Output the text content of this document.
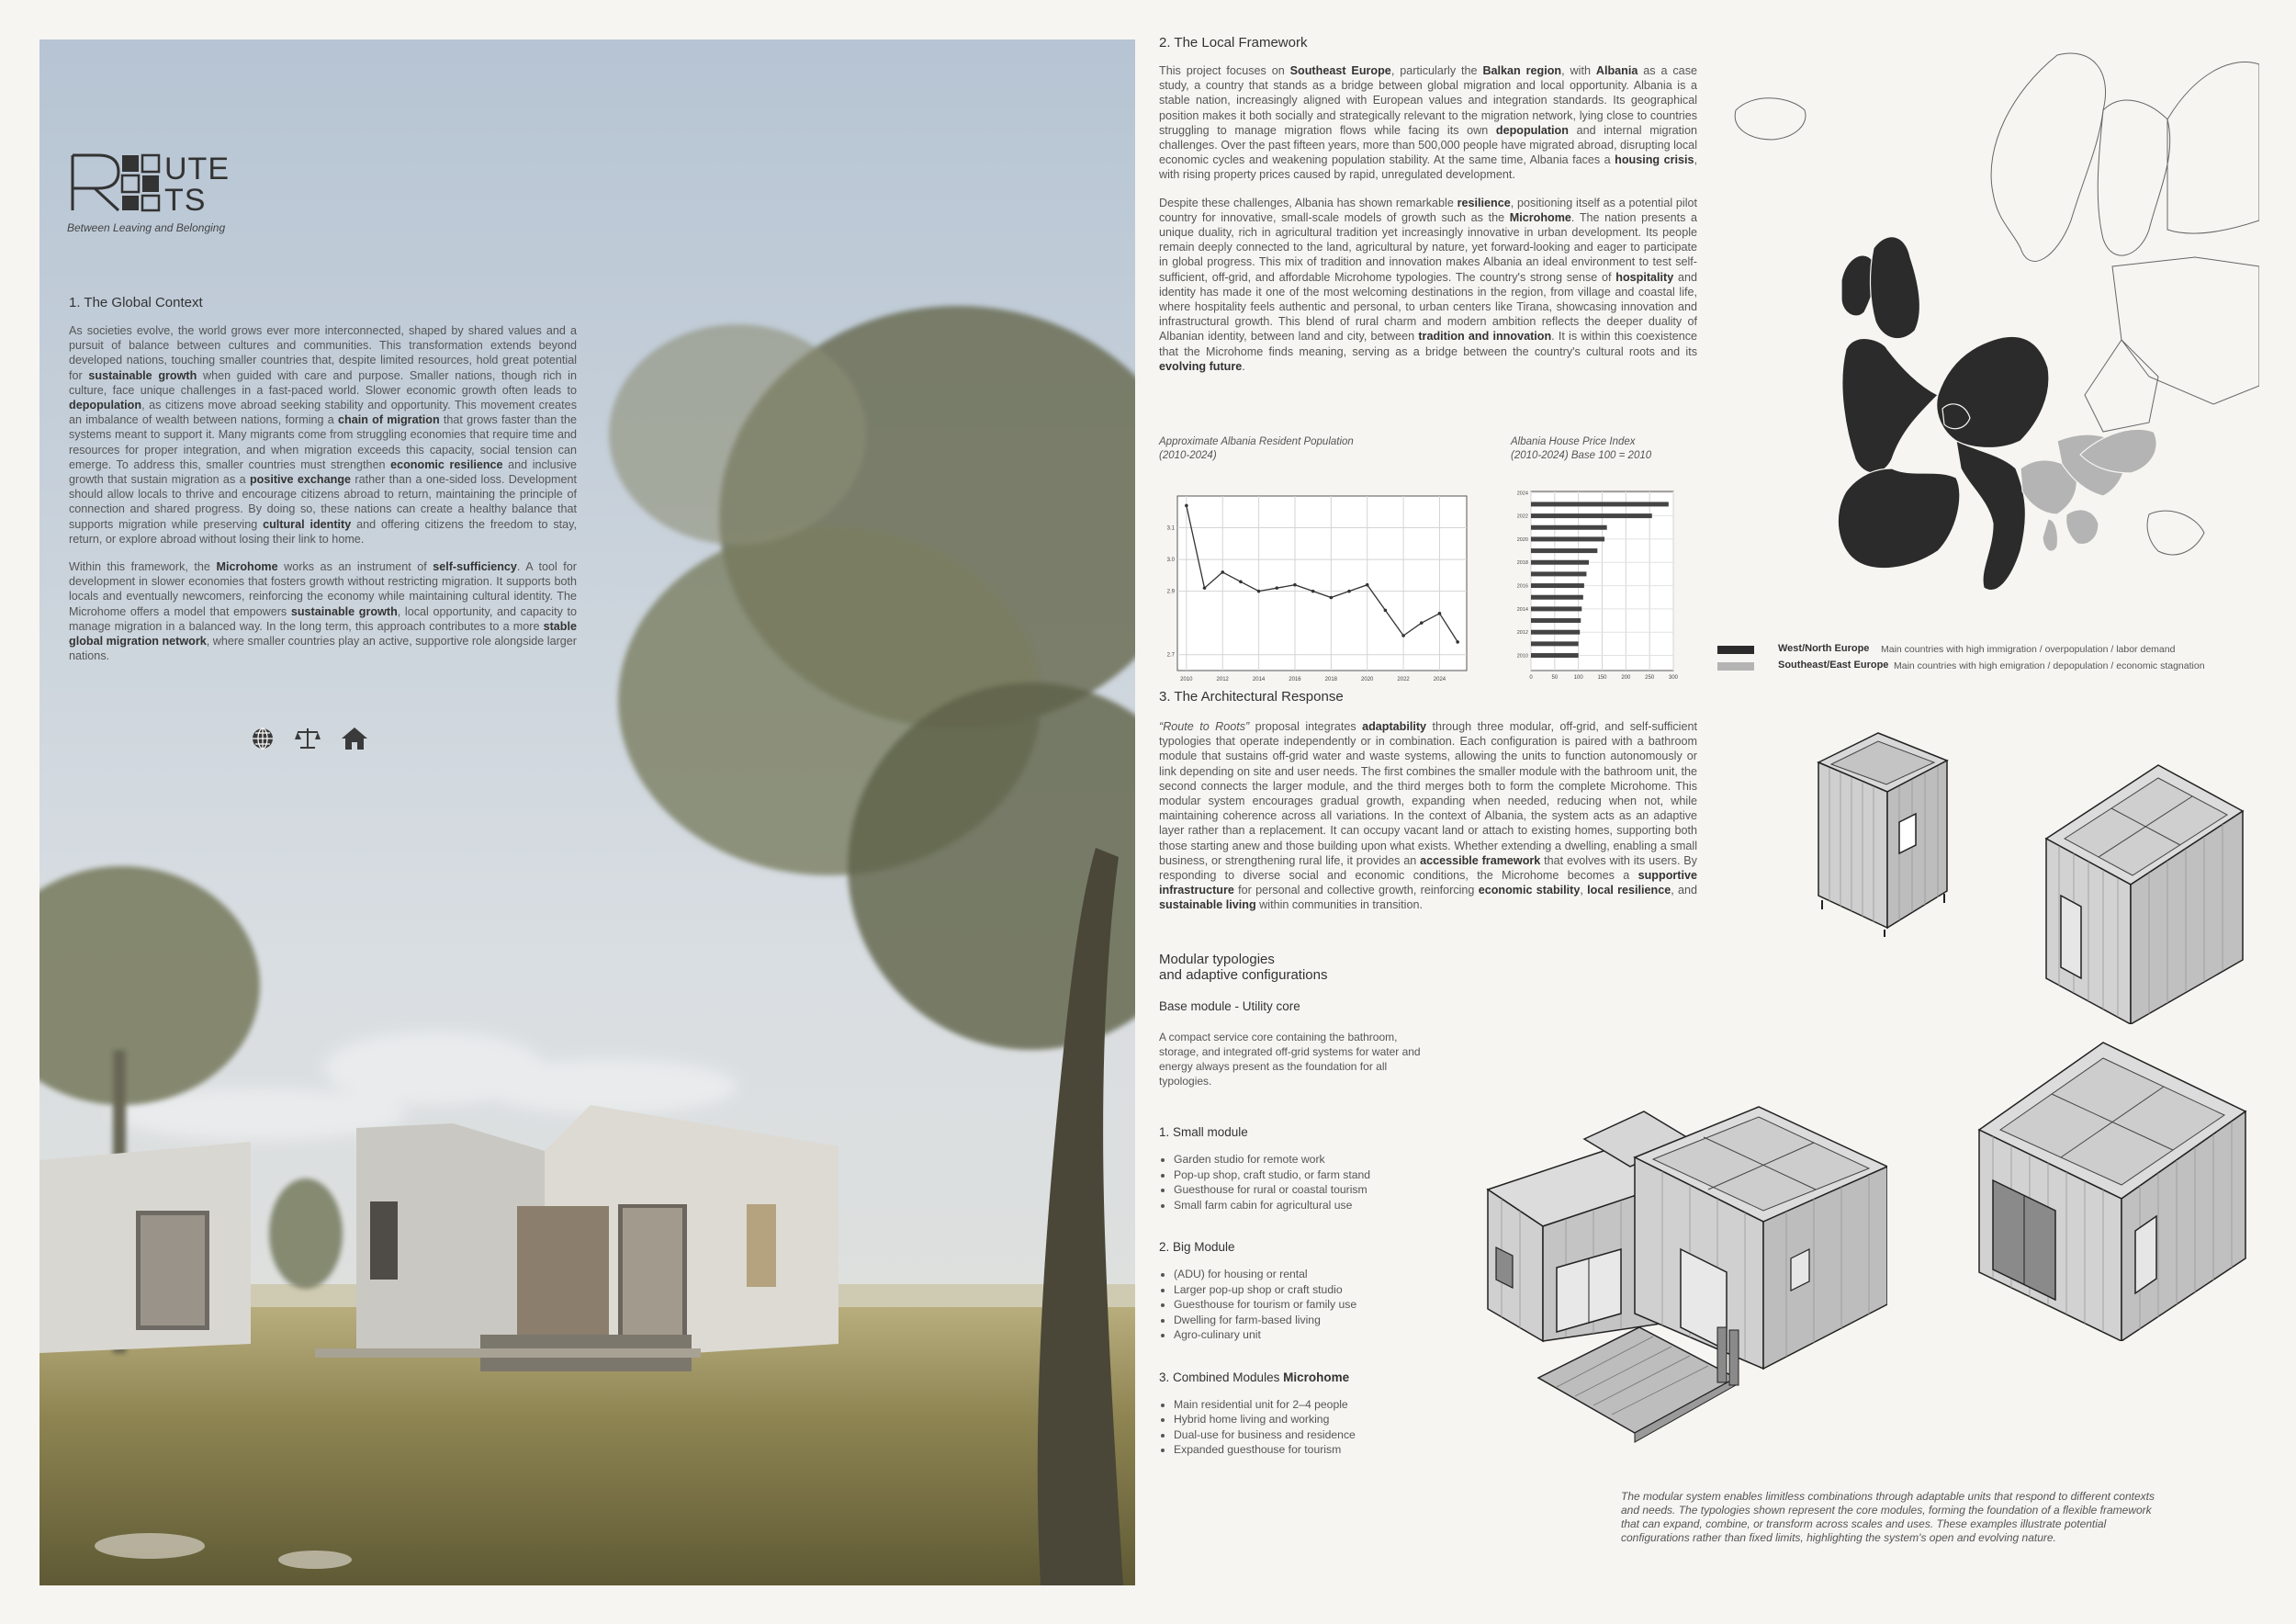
UTE
TS
Between Leaving and Belonging
1. The Global Context

As societies evolve, the world grows ever more interconnected, shaped by shared values and a pursuit of balance between cultures and communities. This transformation extends beyond developed nations, touching smaller countries that, despite limited resources, hold great potential for sustainable growth when guided with care and purpose. Smaller nations, though rich in culture, face unique challenges in a fast-paced world. Slower economic growth often leads to depopulation, as citizens move abroad seeking stability and opportunity. This movement creates an imbalance of wealth between nations, forming a chain of migration that grows faster than the systems meant to support it. Many migrants come from struggling economies that require time and resources for proper integration, and when migration exceeds this capacity, social tension can emerge. To address this, smaller countries must strengthen economic resilience and inclusive growth that sustain migration as a positive exchange rather than a one-sided loss. Development should allow locals to thrive and encourage citizens abroad to return, maintaining the principle of connection and shared progress. By doing so, these nations can create a healthy balance that supports migration while preserving cultural identity and offering citizens the freedom to stay, return, or explore abroad without losing their link to home.

Within this framework, the Microhome works as an instrument of self-sufficiency. A tool for development in slower economies that fosters growth without restricting migration. It supports both locals and eventually newcomers, reinforcing the economy while maintaining cultural identity. The Microhome offers a model that empowers sustainable growth, local opportunity, and capacity to manage migration in a balanced way. In the long term, this approach contributes to a more stable global migration network, where smaller countries play an active, supportive role alongside larger nations.

2. The Local Framework

This project focuses on Southeast Europe, particularly the Balkan region, with Albania as a case study, a country that stands as a bridge between global migration and local opportunity. Albania is a stable nation, increasingly aligned with European values and integration standards. Its geographical position makes it both socially and strategically relevant to the migration network, lying close to countries struggling to manage migration flows while facing its own depopulation and internal migration challenges. Over the past fifteen years, more than 500,000 people have migrated abroad, disrupting local economic cycles and weakening population stability. At the same time, Albania faces a housing crisis, with rising property prices caused by rapid, unregulated development.

Despite these challenges, Albania has shown remarkable resilience, positioning itself as a potential pilot country for innovative, small-scale models of growth such as the Microhome. The nation presents a unique duality, rich in agricultural tradition yet increasingly innovative in urban development. Its people remain deeply connected to the land, agricultural by nature, yet forward-looking and eager to participate in global progress. This mix of tradition and innovation makes Albania an ideal environment to test self-sufficient, off-grid, and affordable Microhome typologies. The country's strong sense of hospitality and identity has made it one of the most welcoming destinations in the region, from village and coastal life, where hospitality feels authentic and personal, to urban centers like Tirana, showcasing innovation and infrastructural growth. This blend of rural charm and modern ambition reflects the deeper duality of Albanian identity, between land and city, between tradition and innovation. It is within this coexistence that the Microhome finds meaning, serving as a bridge between the country's cultural roots and its evolving future.

Approximate Albania Resident Population
(2010-2024)
2010	2012	2014	2016	2018	2020	2022	2024
2.7
2.9
3.0
3.1
Albania House Price Index
(2010-2024) Base 100 = 2010
0	50	100	150	200	250	300
2010
2012
2014
2016
2018
2020
2022
2024
3. The Architectural Response

“Route to Roots” proposal integrates adaptability through three modular, off-grid, and self-sufficient typologies that operate independently or in combination. Each configuration is paired with a bathroom module that sustains off-grid water and waste systems, allowing the units to function autonomously or link depending on site and user needs. The first combines the smaller module with the bathroom unit, the second connects the larger module, and the third merges both to form the complete Microhome. This modular system encourages gradual growth, expanding when needed, reducing when not, while maintaining coherence across all variations. In the context of Albania, the system acts as an adaptive layer rather than a replacement. It can occupy vacant land or attach to existing homes, supporting both those starting anew and those building upon what exists. Whether extending a dwelling, enabling a small business, or strengthening rural life, it provides an accessible framework that evolves with its users. By responding to diverse social and economic conditions, the Microhome becomes a supportive infrastructure for personal and collective growth, reinforcing economic stability, local resilience, and sustainable living within communities in transition.

Modular typologies
and adaptive configurations
Base module - Utility core
A compact service core containing the bathroom, storage, and integrated off-grid systems for water and energy always present as the foundation for all typologies.
1. Small module
• Garden studio for remote work
• Pop-up shop, craft studio, or farm stand
• Guesthouse for rural or coastal tourism
• Small farm cabin for agricultural use
2. Big Module
• (ADU) for housing or rental
• Larger pop-up shop or craft studio
• Guesthouse for tourism or family use
• Dwelling for farm-based living
• Agro-culinary unit
3. Combined Modules Microhome
• Main residential unit for 2–4 people
• Hybrid home living and working
• Dual-use for business and residence
• Expanded guesthouse for tourism
West/North Europe Main countries with high immigration / overpopulation / labor demand
Southeast/East Europe Main countries with high emigration / depopulation / economic stagnation
The modular system enables limitless combinations through adaptable units that respond to different contexts and needs. The typologies shown represent the core modules, forming the foundation of a flexible framework that can expand, combine, or transform across scales and uses. These examples illustrate potential configurations rather than fixed limits, highlighting the system's open and evolving nature.
